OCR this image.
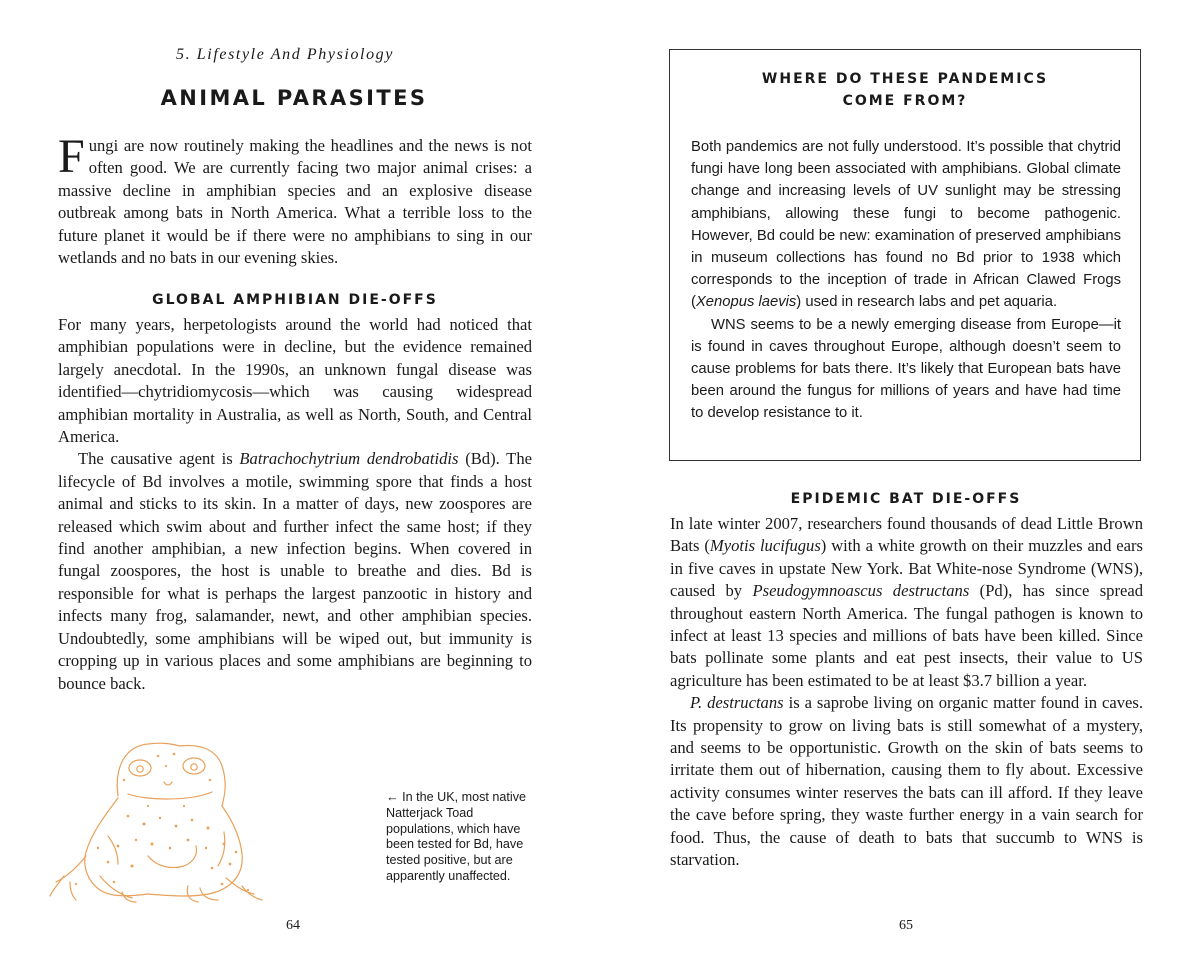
5. Lifestyle And Physiology
ANIMAL PARASITES

Fungi are now routinely making the headlines and the news is not often good. We are currently facing two major animal crises: a massive decline in amphibian species and an explosive disease outbreak among bats in North America. What a terrible loss to the future planet it would be if there were no amphibians to sing in our wetlands and no bats in our evening skies.

GLOBAL AMPHIBIAN DIE-OFFS

For many years, herpetologists around the world had noticed that amphibian populations were in decline, but the evidence remained largely anecdotal. In the 1990s, an unknown fungal disease was identified—chytridiomycosis—which was causing widespread amphibian mortality in Australia, as well as North, South, and Central America.

The causative agent is Batrachochytrium dendrobatidis (Bd). The lifecycle of Bd involves a motile, swimming spore that finds a host animal and sticks to its skin. In a matter of days, new zoospores are released which swim about and further infect the same host; if they find another amphibian, a new infection begins. When covered in fungal zoospores, the host is unable to breathe and dies. Bd is responsible for what is perhaps the largest panzootic in history and infects many frog, salamander, newt, and other amphibian species. Undoubtedly, some amphibians will be wiped out, but immunity is cropping up in various places and some amphibians are beginning to bounce back.

← In the UK, most native Natterjack Toad populations, which have been tested for Bd, have tested positive, but are apparently unaffected.
64
WHERE DO THESE PANDEMICS
COME FROM?

Both pandemics are not fully understood. It’s possible that chytrid fungi have long been associated with amphibians. Global climate change and increasing levels of UV sunlight may be stressing amphibians, allowing these fungi to become pathogenic. However, Bd could be new: examination of preserved amphibians in museum collections has found no Bd prior to 1938 which corresponds to the inception of trade in African Clawed Frogs (Xenopus laevis) used in research labs and pet aquaria.

WNS seems to be a newly emerging disease from Europe—it is found in caves throughout Europe, although doesn’t seem to cause problems for bats there. It’s likely that European bats have been around the fungus for millions of years and have had time to develop resistance to it.

EPIDEMIC BAT DIE-OFFS

In late winter 2007, researchers found thousands of dead Little Brown Bats (Myotis lucifugus) with a white growth on their muzzles and ears in five caves in upstate New York. Bat White-nose Syndrome (WNS), caused by Pseudogymnoascus destructans (Pd), has since spread throughout eastern North America. The fungal pathogen is known to infect at least 13 species and millions of bats have been killed. Since bats pollinate some plants and eat pest insects, their value to US agriculture has been estimated to be at least $3.7 billion a year.

P. destructans is a saprobe living on organic matter found in caves. Its propensity to grow on living bats is still somewhat of a mystery, and seems to be opportunistic. Growth on the skin of bats seems to irritate them out of hibernation, causing them to fly about. Excessive activity consumes winter reserves the bats can ill afford. If they leave the cave before spring, they waste further energy in a vain search for food. Thus, the cause of death to bats that succumb to WNS is starvation.

65
